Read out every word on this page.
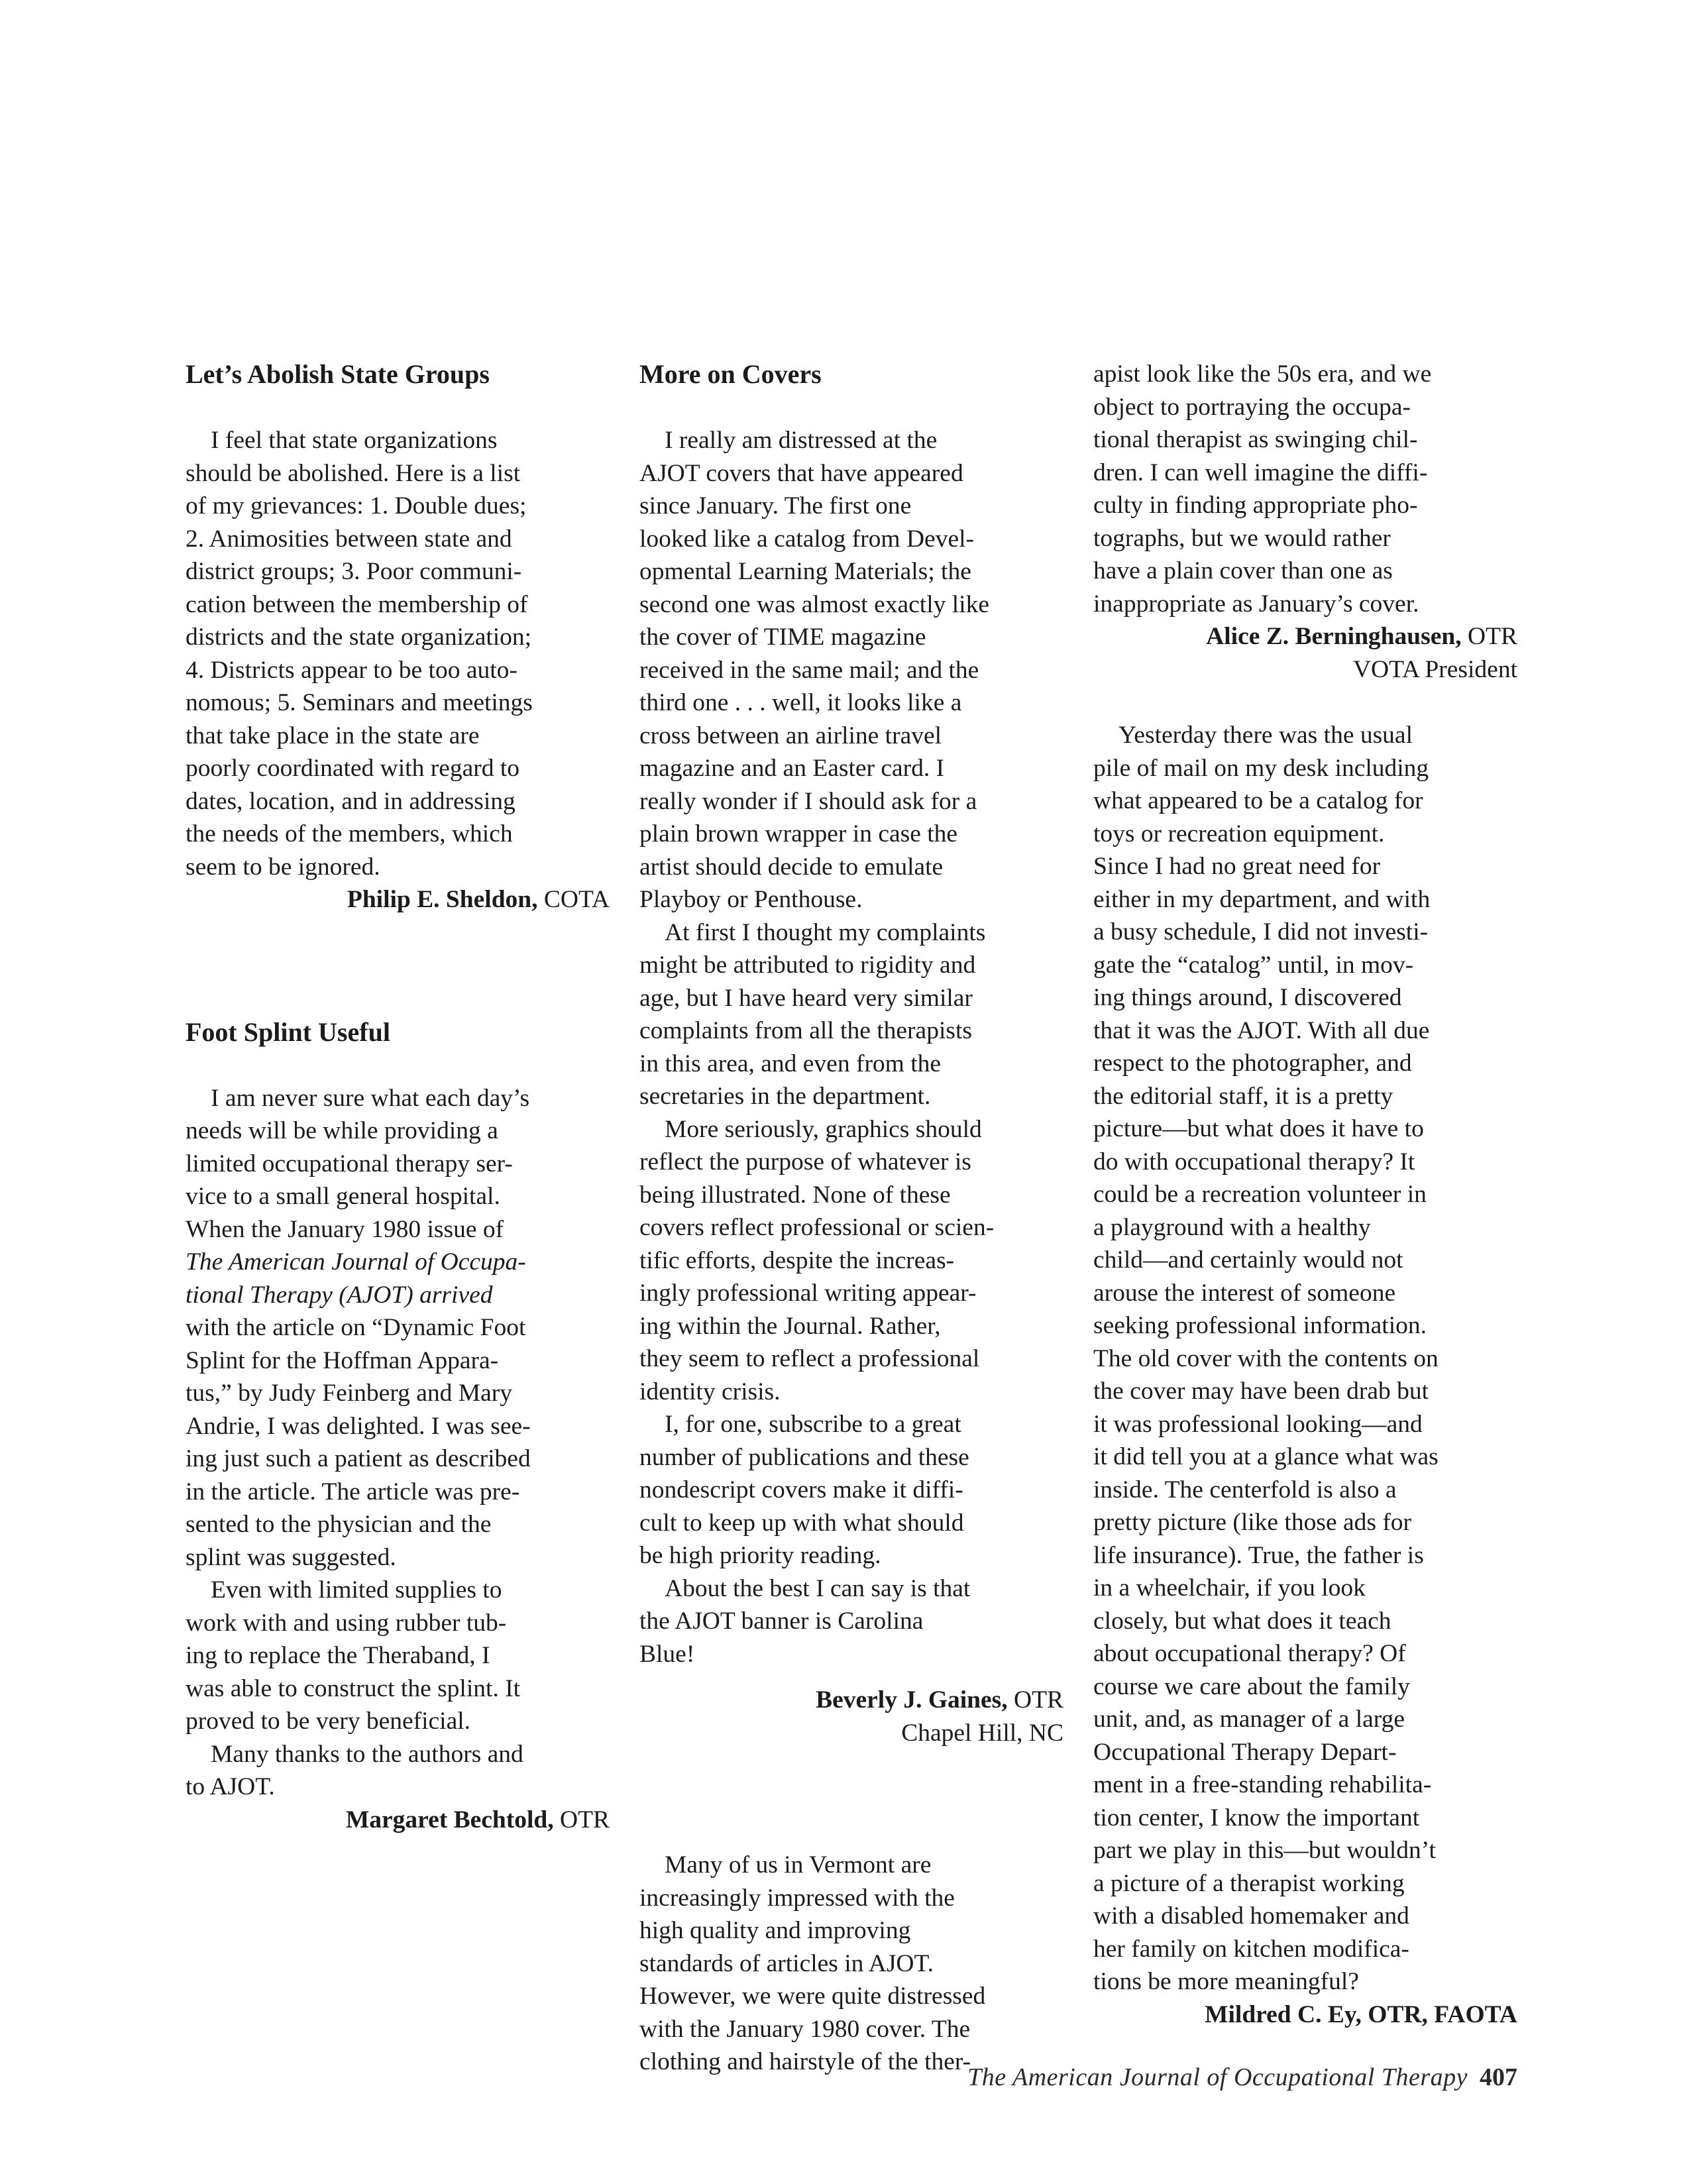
Let’s Abolish State Groups
I feel that state organizations
should be abolished. Here is a list
of my grievances: 1. Double dues;
2. Animosities between state and
district groups; 3. Poor communi-
cation between the membership of
districts and the state organization;
4. Districts appear to be too auto-
nomous; 5. Seminars and meetings
that take place in the state are
poorly coordinated with regard to
dates, location, and in addressing
the needs of the members, which
seem to be ignored.
Philip E. Sheldon, COTA
Foot Splint Useful
I am never sure what each day’s
needs will be while providing a
limited occupational therapy ser-
vice to a small general hospital.
When the January 1980 issue of
The American Journal of Occupa-
tional Therapy (AJOT) arrived
with the article on “Dynamic Foot
Splint for the Hoffman Appara-
tus,” by Judy Feinberg and Mary
Andrie, I was delighted. I was see-
ing just such a patient as described
in the article. The article was pre-
sented to the physician and the
splint was suggested.
Even with limited supplies to
work with and using rubber tub-
ing to replace the Theraband, I
was able to construct the splint. It
proved to be very beneficial.
Many thanks to the authors and
to AJOT.
Margaret Bechtold, OTR
More on Covers
I really am distressed at the
AJOT covers that have appeared
since January. The first one
looked like a catalog from Devel-
opmental Learning Materials; the
second one was almost exactly like
the cover of TIME magazine
received in the same mail; and the
third one . . . well, it looks like a
cross between an airline travel
magazine and an Easter card. I
really wonder if I should ask for a
plain brown wrapper in case the
artist should decide to emulate
Playboy or Penthouse.
At first I thought my complaints
might be attributed to rigidity and
age, but I have heard very similar
complaints from all the therapists
in this area, and even from the
secretaries in the department.
More seriously, graphics should
reflect the purpose of whatever is
being illustrated. None of these
covers reflect professional or scien-
tific efforts, despite the increas-
ingly professional writing appear-
ing within the Journal. Rather,
they seem to reflect a professional
identity crisis.
I, for one, subscribe to a great
number of publications and these
nondescript covers make it diffi-
cult to keep up with what should
be high priority reading.
About the best I can say is that
the AJOT banner is Carolina
Blue!
Beverly J. Gaines, OTR
Chapel Hill, NC
Many of us in Vermont are
increasingly impressed with the
high quality and improving
standards of articles in AJOT.
However, we were quite distressed
with the January 1980 cover. The
clothing and hairstyle of the ther-
apist look like the 50s era, and we
object to portraying the occupa-
tional therapist as swinging chil-
dren. I can well imagine the diffi-
culty in finding appropriate pho-
tographs, but we would rather
have a plain cover than one as
inappropriate as January’s cover.
Alice Z. Berninghausen, OTR
VOTA President
Yesterday there was the usual
pile of mail on my desk including
what appeared to be a catalog for
toys or recreation equipment.
Since I had no great need for
either in my department, and with
a busy schedule, I did not investi-
gate the “catalog” until, in mov-
ing things around, I discovered
that it was the AJOT. With all due
respect to the photographer, and
the editorial staff, it is a pretty
picture—but what does it have to
do with occupational therapy? It
could be a recreation volunteer in
a playground with a healthy
child—and certainly would not
arouse the interest of someone
seeking professional information.
The old cover with the contents on
the cover may have been drab but
it was professional looking—and
it did tell you at a glance what was
inside. The centerfold is also a
pretty picture (like those ads for
life insurance). True, the father is
in a wheelchair, if you look
closely, but what does it teach
about occupational therapy? Of
course we care about the family
unit, and, as manager of a large
Occupational Therapy Depart-
ment in a free-standing rehabilita-
tion center, I know the important
part we play in this—but wouldn’t
a picture of a therapist working
with a disabled homemaker and
her family on kitchen modifica-
tions be more meaningful?
Mildred C. Ey, OTR, FAOTA
The American Journal of Occupational Therapy 407
